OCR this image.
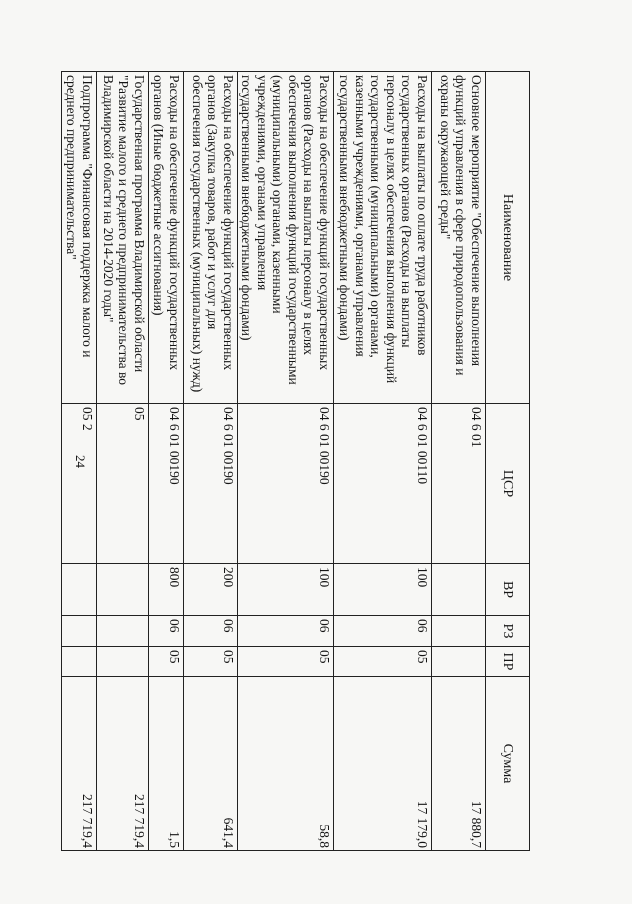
24
Наименование	ЦСР	ВР	РЗ	ПР	Сумма
Основное мероприятие "Обеспечение выполнения функций управления в сфере природопользования и охраны окружающей среды"	04 6 01				17 880,7
Расходы на выплаты по оплате труда работников государственных органов (Расходы на выплаты персоналу в целях обеспечения выполнения функций государственными (муниципальными) органами, казенными учреждениями, органами управления государственными внебюджетными фондами)	04 6 01 00110	100	06	05	17 179,0
Расходы на обеспечение функций государственных органов (Расходы на выплаты персоналу в целях обеспечения выполнения функций государственными (муниципальными) органами, казенными учреждениями, органами управления государственными внебюджетными фондами)	04 6 01 00190	100	06	05	58,8
Расходы на обеспечение функций государственных органов (Закупка товаров, работ и услуг для обеспечения государственных (муниципальных) нужд)	04 6 01 00190	200	06	05	641,4
Расходы на обеспечение функций государственных органов (Иные бюджетные ассигнования)	04 6 01 00190	800	06	05	1,5
Государственная программа Владимирской области "Развитие малого и среднего предпринимательства во Владимирской области на 2014-2020 годы"	05				217 719,4
Подпрограмма "Финансовая поддержка малого и среднего предпринимательства"	05 2				217 719,4
